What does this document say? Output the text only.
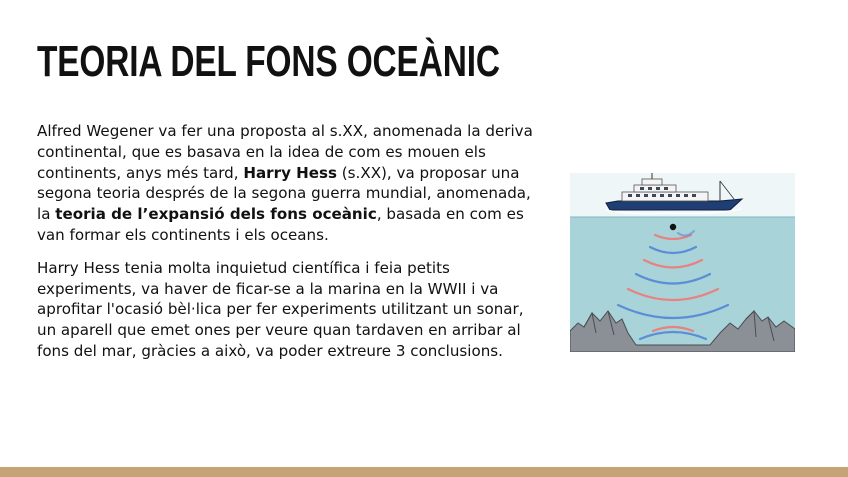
TEORIA DEL FONS OCEÀNIC

Alfred Wegener va fer una proposta al s.XX, anomenada la deriva continental, que es basava en la idea de com es mouen els continents, anys més tard, Harry Hess (s.XX), va proposar una segona teoria després de la segona guerra mundial, anomenada, la teoria de l’expansió dels fons oceànic, basada en com es van formar els continents i els oceans.

Harry Hess tenia molta inquietud científica i feia petits experiments, va haver de ficar-se a la marina en la WWII i va aprofitar l'ocasió bèl·lica per fer experiments utilitzant un sonar, un aparell que emet ones per veure quan tardaven en arribar al fons del mar, gràcies a això, va poder extreure 3 conclusions.
